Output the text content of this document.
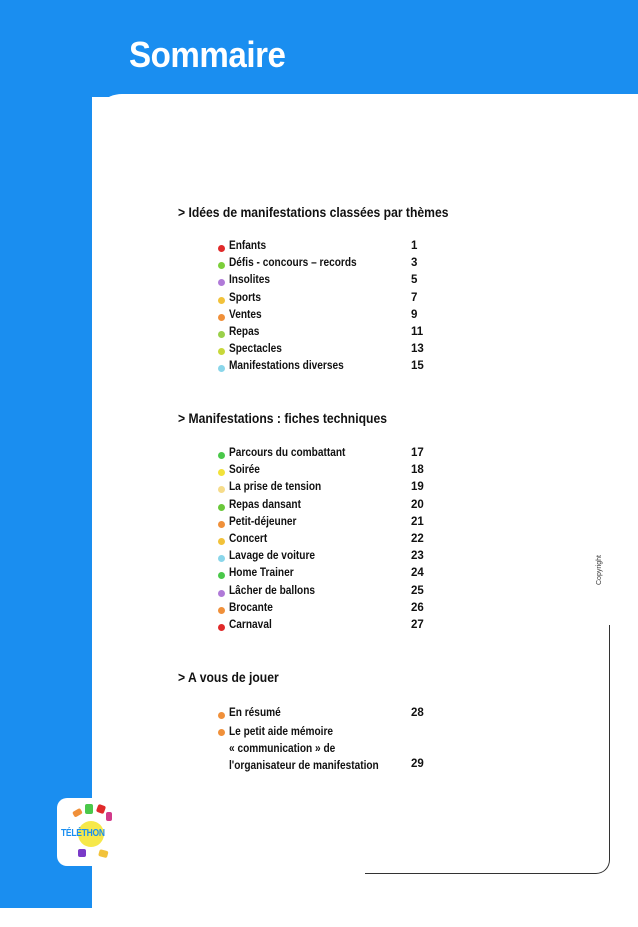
Sommaire
> Idées de manifestations classées par thèmes
Enfants	1
Défis - concours – records	3
Insolites	5
Sports	7
Ventes	9
Repas	11
Spectacles	13
Manifestations diverses	15
> Manifestations : fiches techniques
Parcours du combattant	17
Soirée	18
La prise de tension	19
Repas dansant	20
Petit-déjeuner	21
Concert	22
Lavage de voiture	23
Home Trainer	24
Lâcher de ballons	25
Brocante	26
Carnaval	27
> A vous de jouer
En résumé	28
Le petit aide mémoire
« communication » de
l'organisateur de manifestation	29
Copyright
TÉLÉTHON
